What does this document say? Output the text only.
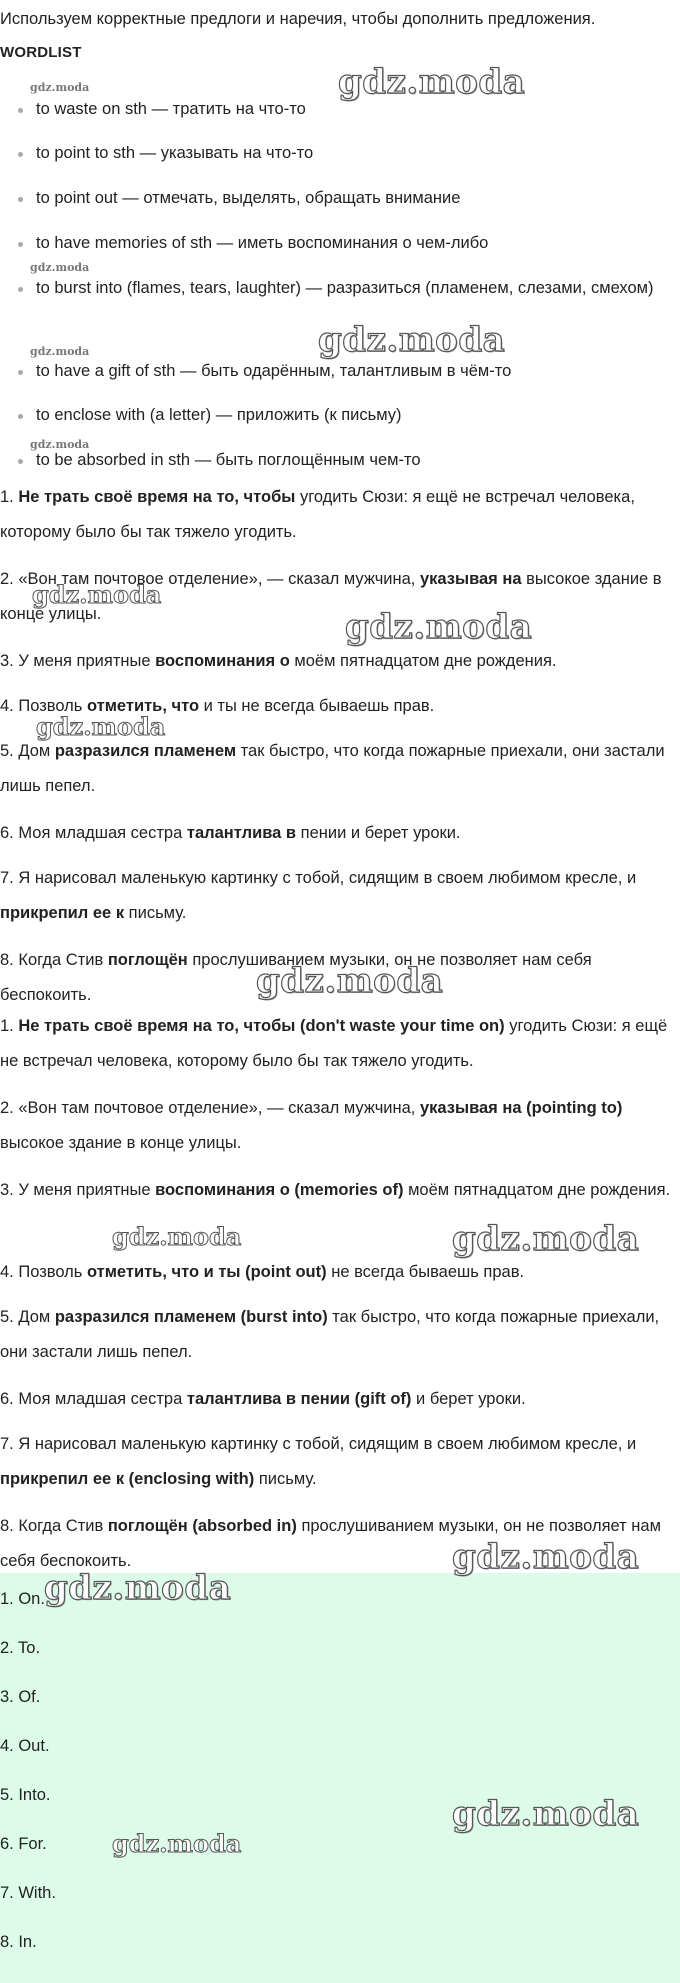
Используем корректные предлоги и наречия, чтобы дополнить предложения.
WORDLIST
to waste on sth — тратить на что-то
to point to sth — указывать на что-то
to point out — отмечать, выделять, обращать внимание
to have memories of sth — иметь воспоминания о чем-либо
to burst into (flames, tears, laughter) — разразиться (пламенем, слезами, смехом)
to have a gift of sth — быть одарённым, талантливым в чём-то
to enclose with (a letter) — приложить (к письму)
to be absorbed in sth — быть поглощённым чем-то
1. Не трать своё время на то, чтобы угодить Сюзи: я ещё не встречал человека, которому было бы так тяжело угодить.
2. «Вон там почтовое отделение», — сказал мужчина, указывая на высокое здание в конце улицы.
3. У меня приятные воспоминания о моём пятнадцатом дне рождения.
4. Позволь отметить, что и ты не всегда бываешь прав.
5. Дом разразился пламенем так быстро, что когда пожарные приехали, они застали лишь пепел.
6. Моя младшая сестра талантлива в пении и берет уроки.
7. Я нарисовал маленькую картинку с тобой, сидящим в своем любимом кресле, и прикрепил ее к письму.
8. Когда Стив поглощён прослушиванием музыки, он не позволяет нам себя беспокоить.
1. Не трать своё время на то, чтобы (don't waste your time on) угодить Сюзи: я ещё не встречал человека, которому было бы так тяжело угодить.
2. «Вон там почтовое отделение», — сказал мужчина, указывая на (pointing to) высокое здание в конце улицы.
3. У меня приятные воспоминания о (memories of) моём пятнадцатом дне рождения.
4. Позволь отметить, что и ты (point out) не всегда бываешь прав.
5. Дом разразился пламенем (burst into) так быстро, что когда пожарные приехали, они застали лишь пепел.
6. Моя младшая сестра талантлива в пении (gift of) и берет уроки.
7. Я нарисовал маленькую картинку с тобой, сидящим в своем любимом кресле, и прикрепил ее к (enclosing with) письму.
8. Когда Стив поглощён (absorbed in) прослушиванием музыки, он не позволяет нам себя беспокоить.
1. On.
2. To.
3. Of.
4. Out.
5. Into.
6. For.
7. With.
8. In.
gdz.moda
gdz.moda
gdz.moda
gdz.moda
gdz.moda
gdz.moda
gdz.moda
gdz.moda
gdz.moda
gdz.moda
gdz.moda	gdz.moda
gdz.moda
gdz.moda
gdz.moda
gdz.moda
